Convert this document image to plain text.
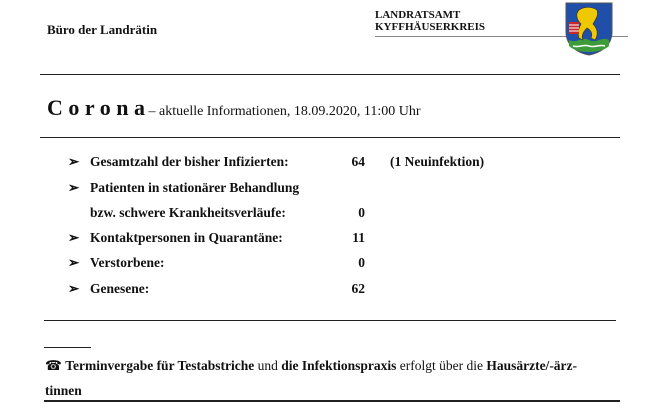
Büro der Landrätin
LANDRATSAMT
KYFFHÄUSERKREIS
C o r o n a – aktuelle Informationen, 18.09.2020, 11:00 Uhr
➢ Gesamtzahl der bisher Infizierten:	64 (1 Neuinfektion)
➢ Patienten in stationärer Behandlung
bzw. schwere Krankheitsverläufe:	0
➢ Kontaktpersonen in Quarantäne:	11
➢ Verstorbene:	0
➢ Genesene:	62
☎ Terminvergabe für Testabstriche und die Infektionspraxis erfolgt über die Hausärzte/-ärz-
tinnen
